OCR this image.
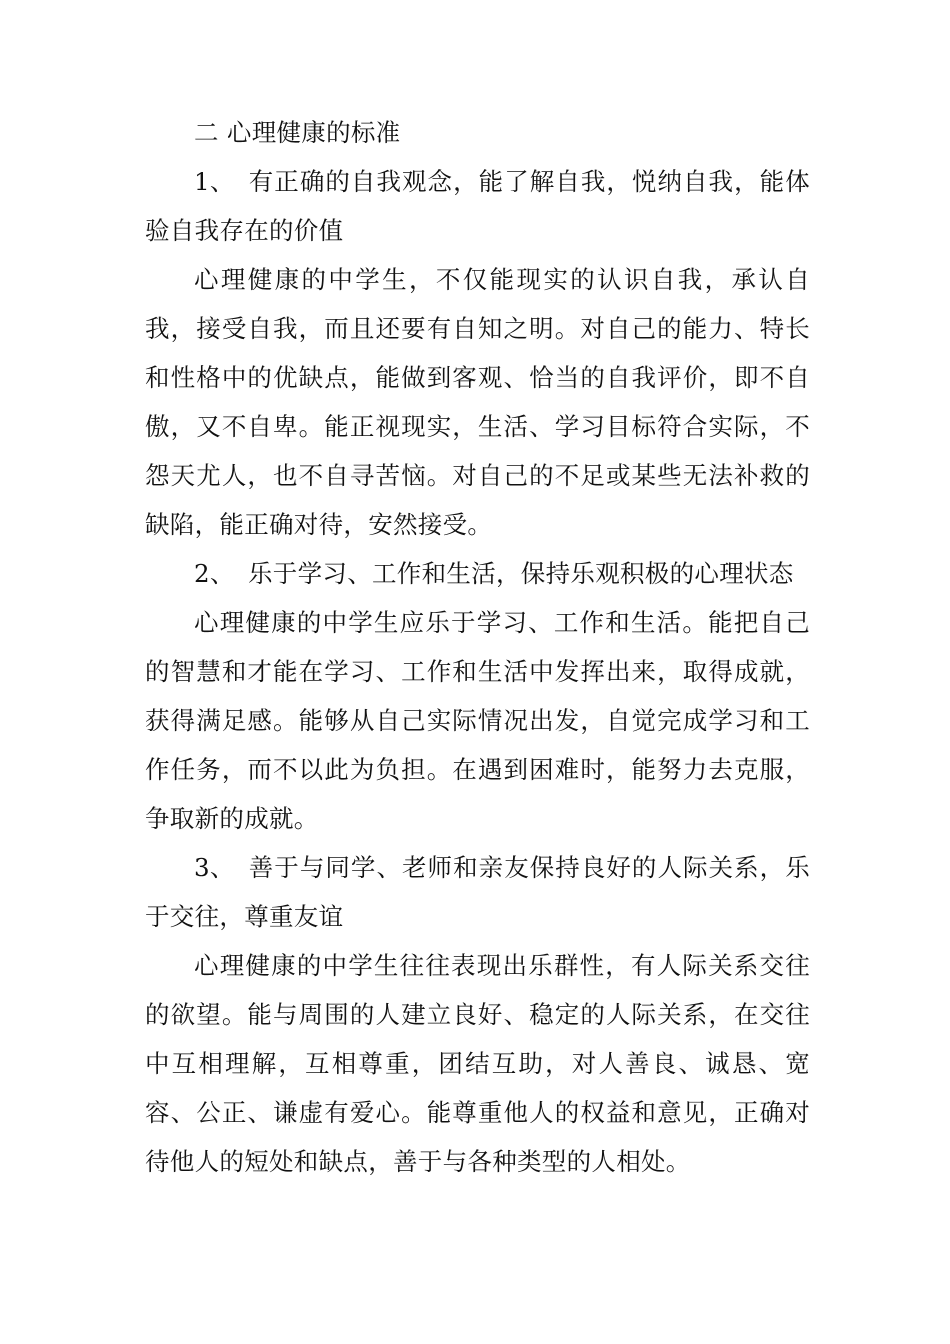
二 心理健康的标准

1、 有正确的自我观念，能了解自我，悦纳自我，能体验自我存在的价值

心理健康的中学生，不仅能现实的认识自我，承认自我，接受自我，而且还要有自知之明。对自己的能力、特长和性格中的优缺点，能做到客观、恰当的自我评价，即不自傲，又不自卑。能正视现实，生活、学习目标符合实际，不怨天尤人，也不自寻苦恼。对自己的不足或某些无法补救的缺陷，能正确对待，安然接受。

2、 乐于学习、工作和生活，保持乐观积极的心理状态

心理健康的中学生应乐于学习、工作和生活。能把自己的智慧和才能在学习、工作和生活中发挥出来，取得成就，获得满足感。能够从自己实际情况出发，自觉完成学习和工作任务，而不以此为负担。在遇到困难时，能努力去克服，争取新的成就。

3、 善于与同学、老师和亲友保持良好的人际关系，乐于交往，尊重友谊

心理健康的中学生往往表现出乐群性，有人际关系交往的欲望。能与周围的人建立良好、稳定的人际关系，在交往中互相理解，互相尊重，团结互助，对人善良、诚恳、宽容、公正、谦虚有爱心。能尊重他人的权益和意见，正确对待他人的短处和缺点，善于与各种类型的人相处。
